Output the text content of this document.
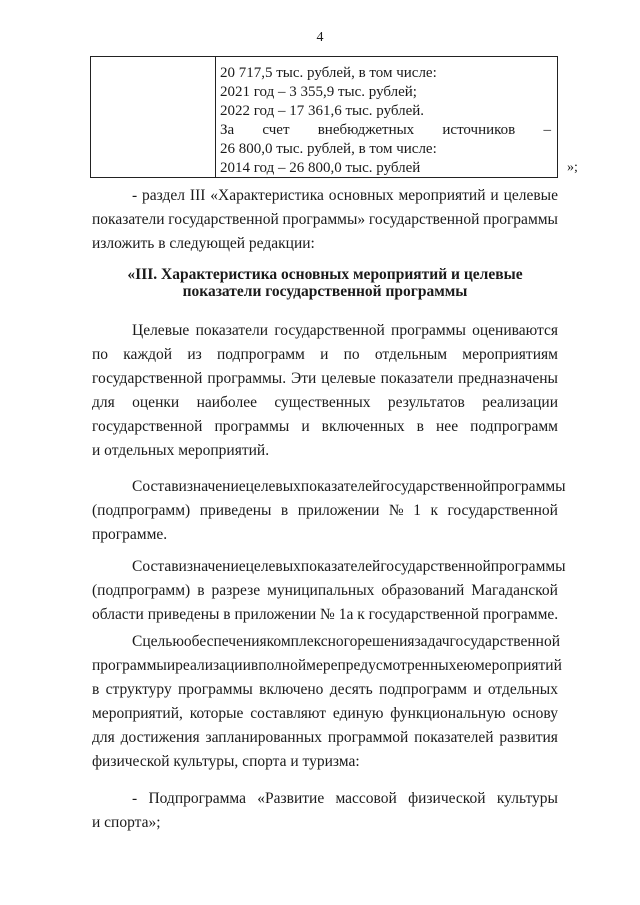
4
20 717,5 тыс. рублей, в том числе:
2021 год – 3 355,9 тыс. рублей;
2022 год – 17 361,6 тыс. рублей.
За счет внебюджетных источников –
26 800,0 тыс. рублей, в том числе:
2014 год – 26 800,0 тыс. рублей	»;
- раздел III «Характеристика основных мероприятий и целевые
показатели государственной программы» государственной программы
изложить в следующей редакции:
«III. Характеристика основных мероприятий и целевые
показатели государственной программы
Целевые показатели государственной программы оцениваются
по каждой из подпрограмм и по отдельным мероприятиям
государственной программы. Эти целевые показатели предназначены
для оценки наиболее существенных результатов реализации
государственной программы и включенных в нее подпрограмм
и отдельных мероприятий.
Состав и значение целевых показателей государственной программы
(подпрограмм) приведены в приложении № 1 к государственной
программе.
Состав и значение целевых показателей государственной программы
(подпрограмм) в разрезе муниципальных образований Магаданской
области приведены в приложении № 1а к государственной программе.
С целью обеспечения комплексного решения задач государственной
программы и реализации в полной мере предусмотренных ею мероприятий
в структуру программы включено десять подпрограмм и отдельных
мероприятий, которые составляют единую функциональную основу
для достижения запланированных программой показателей развития
физической культуры, спорта и туризма:
- Подпрограмма «Развитие массовой физической культуры
и спорта»;
